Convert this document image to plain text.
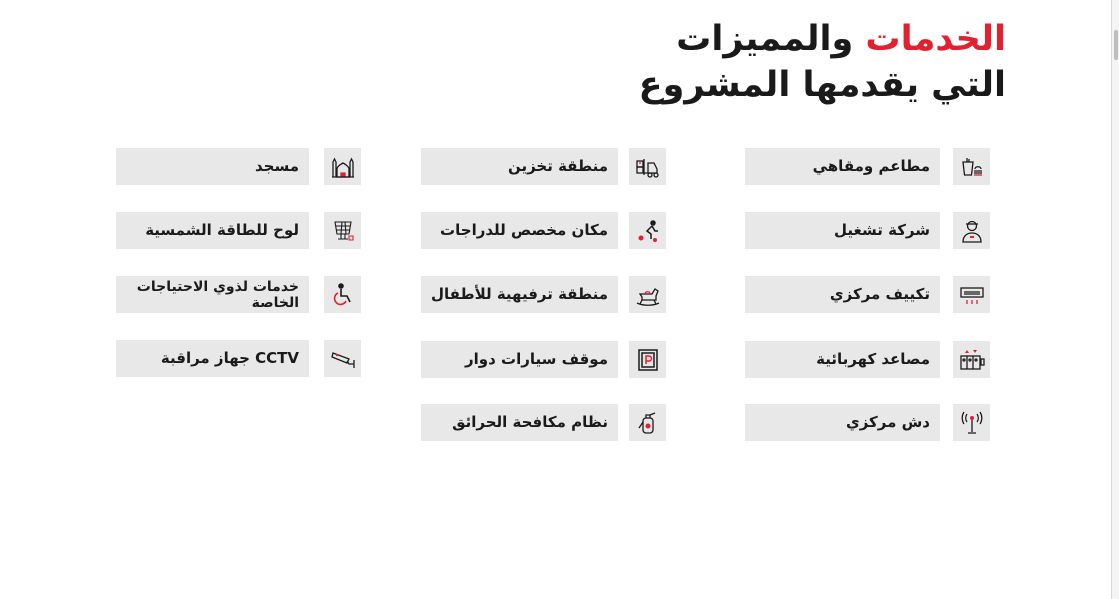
الخدمات والمميزات
التي يقدمها المشروع
مطاعم ومقاهي
شركة تشغيل
تكييف مركزي
مصاعد كهربائية
دش مركزي
منطقة تخزين
مكان مخصص للدراجات
منطقة ترفيهية للأطفال
موقف سيارات دوار
نظام مكافحة الحرائق
مسجد
لوح للطاقة الشمسية
خدمات لذوي الاحتياجات الخاصة
CCTV جهاز مراقبة
